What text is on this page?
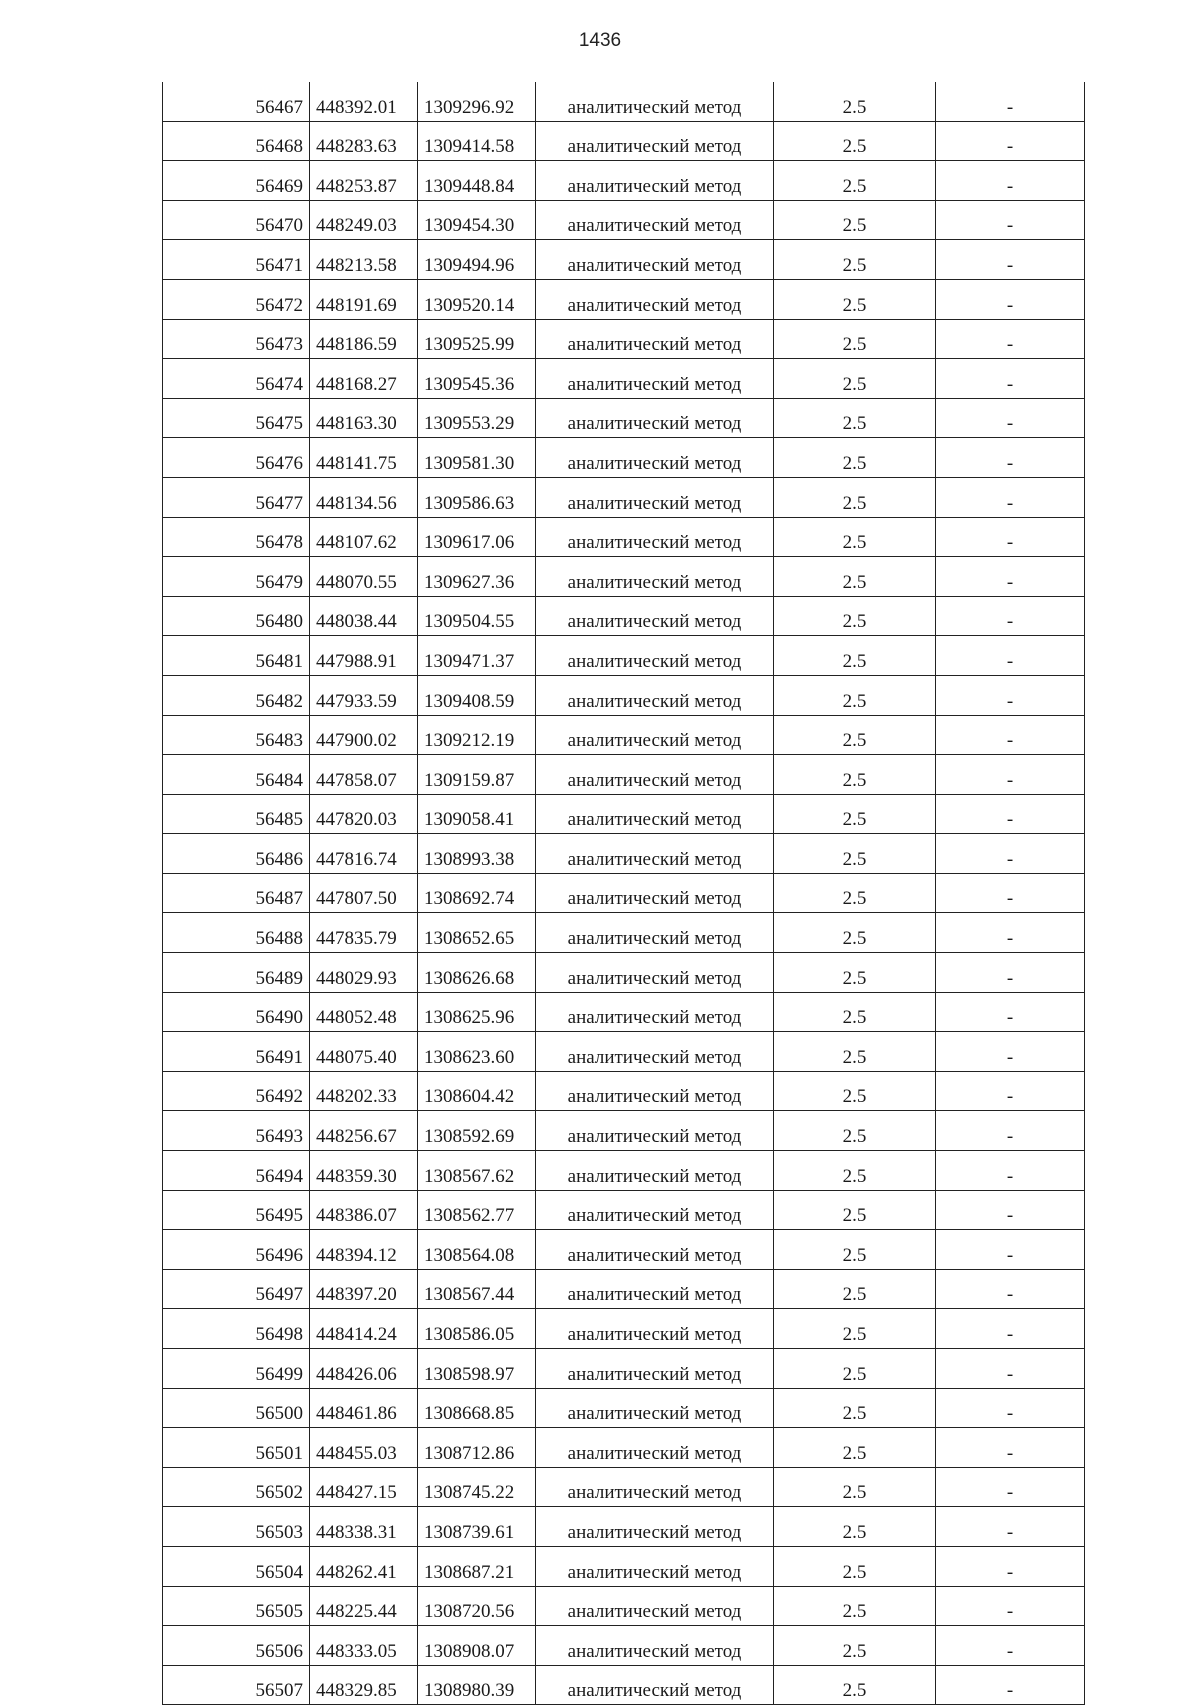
1436
56467	448392.01	1309296.92	аналитический метод	2.5	-
56468	448283.63	1309414.58	аналитический метод	2.5	-
56469	448253.87	1309448.84	аналитический метод	2.5	-
56470	448249.03	1309454.30	аналитический метод	2.5	-
56471	448213.58	1309494.96	аналитический метод	2.5	-
56472	448191.69	1309520.14	аналитический метод	2.5	-
56473	448186.59	1309525.99	аналитический метод	2.5	-
56474	448168.27	1309545.36	аналитический метод	2.5	-
56475	448163.30	1309553.29	аналитический метод	2.5	-
56476	448141.75	1309581.30	аналитический метод	2.5	-
56477	448134.56	1309586.63	аналитический метод	2.5	-
56478	448107.62	1309617.06	аналитический метод	2.5	-
56479	448070.55	1309627.36	аналитический метод	2.5	-
56480	448038.44	1309504.55	аналитический метод	2.5	-
56481	447988.91	1309471.37	аналитический метод	2.5	-
56482	447933.59	1309408.59	аналитический метод	2.5	-
56483	447900.02	1309212.19	аналитический метод	2.5	-
56484	447858.07	1309159.87	аналитический метод	2.5	-
56485	447820.03	1309058.41	аналитический метод	2.5	-
56486	447816.74	1308993.38	аналитический метод	2.5	-
56487	447807.50	1308692.74	аналитический метод	2.5	-
56488	447835.79	1308652.65	аналитический метод	2.5	-
56489	448029.93	1308626.68	аналитический метод	2.5	-
56490	448052.48	1308625.96	аналитический метод	2.5	-
56491	448075.40	1308623.60	аналитический метод	2.5	-
56492	448202.33	1308604.42	аналитический метод	2.5	-
56493	448256.67	1308592.69	аналитический метод	2.5	-
56494	448359.30	1308567.62	аналитический метод	2.5	-
56495	448386.07	1308562.77	аналитический метод	2.5	-
56496	448394.12	1308564.08	аналитический метод	2.5	-
56497	448397.20	1308567.44	аналитический метод	2.5	-
56498	448414.24	1308586.05	аналитический метод	2.5	-
56499	448426.06	1308598.97	аналитический метод	2.5	-
56500	448461.86	1308668.85	аналитический метод	2.5	-
56501	448455.03	1308712.86	аналитический метод	2.5	-
56502	448427.15	1308745.22	аналитический метод	2.5	-
56503	448338.31	1308739.61	аналитический метод	2.5	-
56504	448262.41	1308687.21	аналитический метод	2.5	-
56505	448225.44	1308720.56	аналитический метод	2.5	-
56506	448333.05	1308908.07	аналитический метод	2.5	-
56507	448329.85	1308980.39	аналитический метод	2.5	-
